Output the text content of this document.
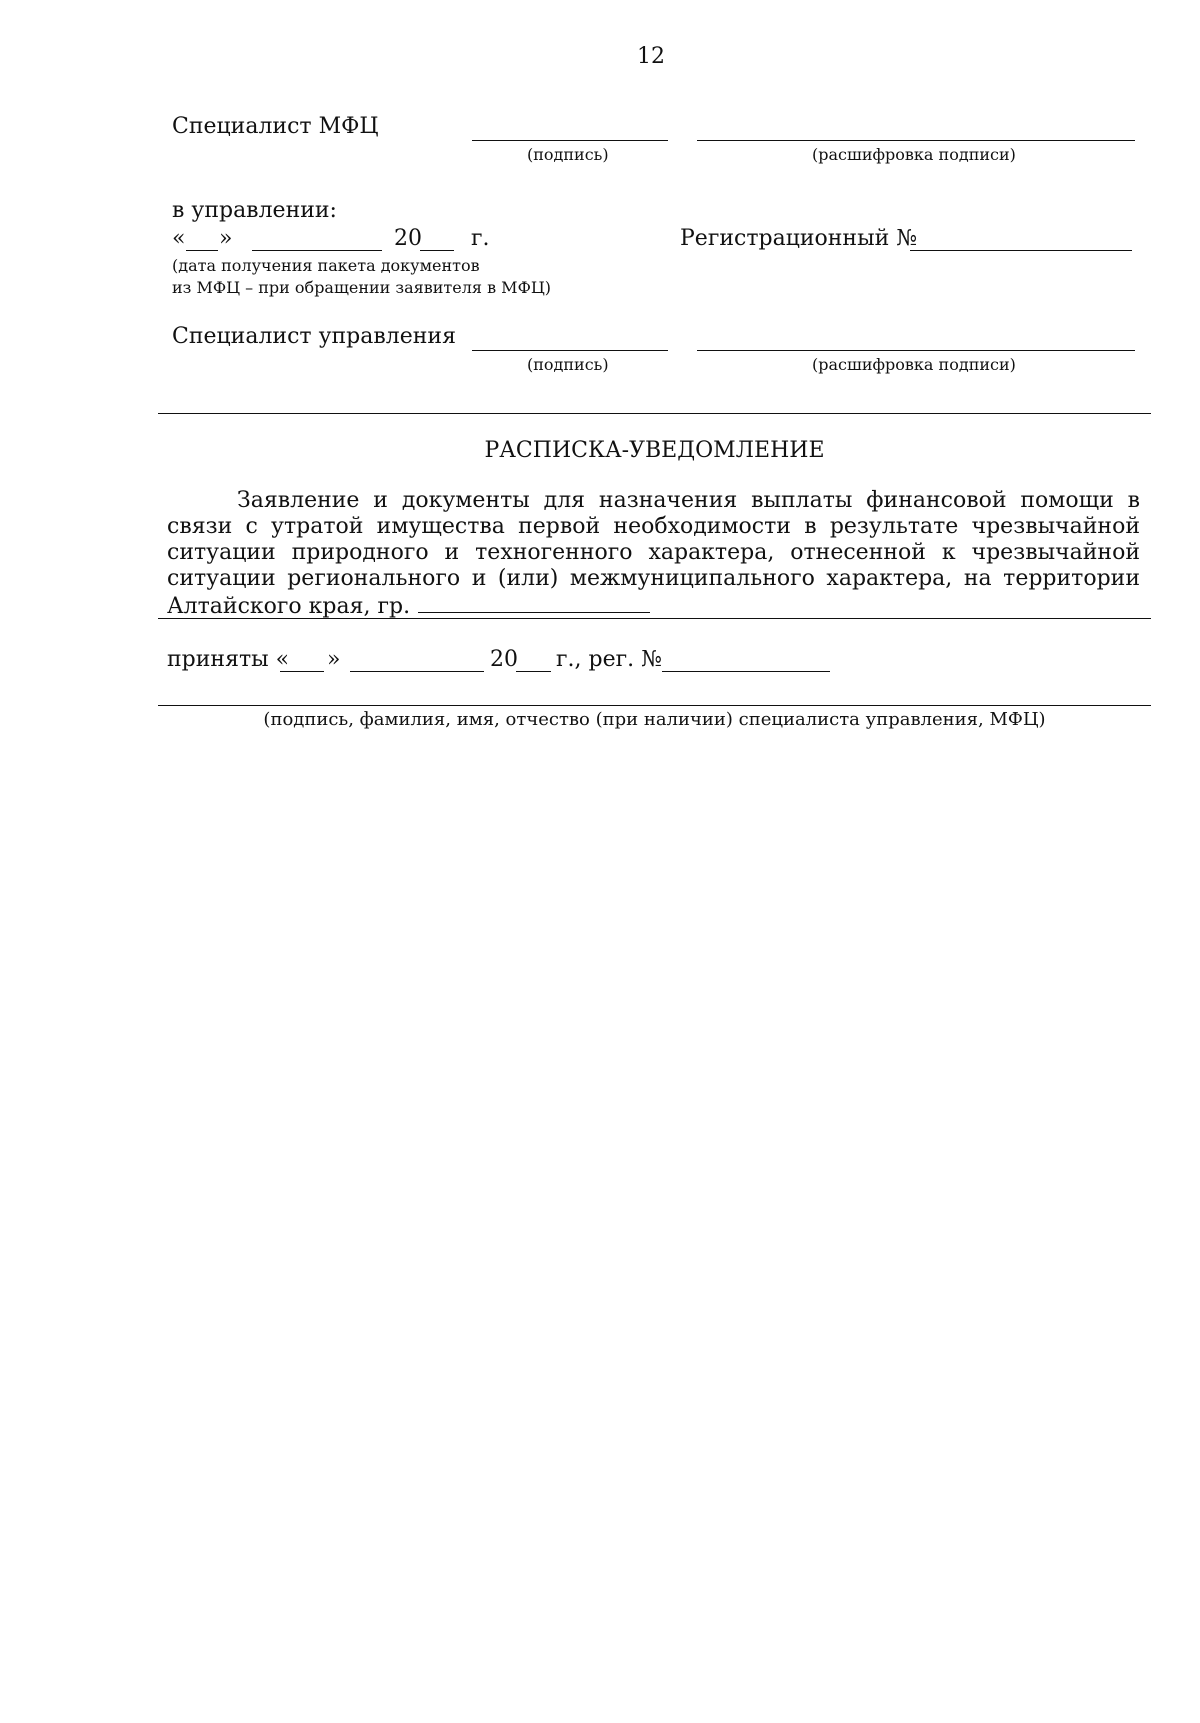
12
Специалист МФЦ
(подпись)	(расшифровка подписи)
в управлении:
« »	20 г.
(дата получения пакета документов
из МФЦ – при обращении заявителя в МФЦ)
Регистрационный №
Специалист управления
(подпись)	(расшифровка подписи)
РАСПИСКА-УВЕДОМЛЕНИЕ
Заявление и документы для назначения выплаты финансовой помощи в связи с утратой имущества первой необходимости в результате чрезвычайной ситуации природного и техногенного характера, отнесенной к чрезвычайной ситуации регионального и (или) межмуниципального характера, на территории Алтайского края, гр.
приняты « »	20 г., рег. №
(подпись, фамилия, имя, отчество (при наличии) специалиста управления, МФЦ)
